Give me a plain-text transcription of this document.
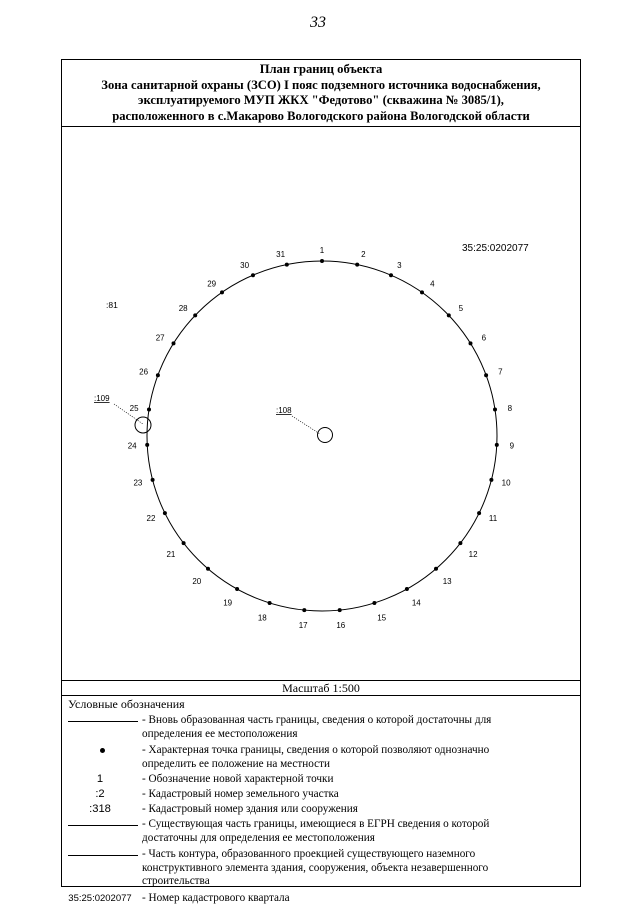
33
План границ объекта
Зона санитарной охраны (ЗСО) I пояс подземного источника водоснабжения,
эксплуатируемого МУП ЖКХ "Федотово" (скважина № 3085/1),
расположенного в с.Макарово Вологодского района Вологодской области
35:25:0202077
:81
:109
:108
1	2
3
4
5
6
7
8
9
10
11
12
13
14
15
16
17
18
19
20
21
22
23
24
25
26
27
28
29
30
31
Масштаб 1:500
Условные обозначения
- Вновь образованная часть границы, сведения о которой достаточны для определения ее местоположения
- Характерная точка границы, сведения о которой позволяют однозначно определить ее положение на местности
1	- Обозначение новой характерной точки
:2	- Кадастровый номер земельного участка
:318	- Кадастровый номер здания или сооружения
- Существующая часть границы, имеющиеся в ЕГРН сведения о которой достаточны для определения ее местоположения
- Часть контура, образованного проекцией существующего наземного конструктивного элемента здания, сооружения, объекта незавершенного строительства
35:25:0202077 - Номер кадастрового квартала
